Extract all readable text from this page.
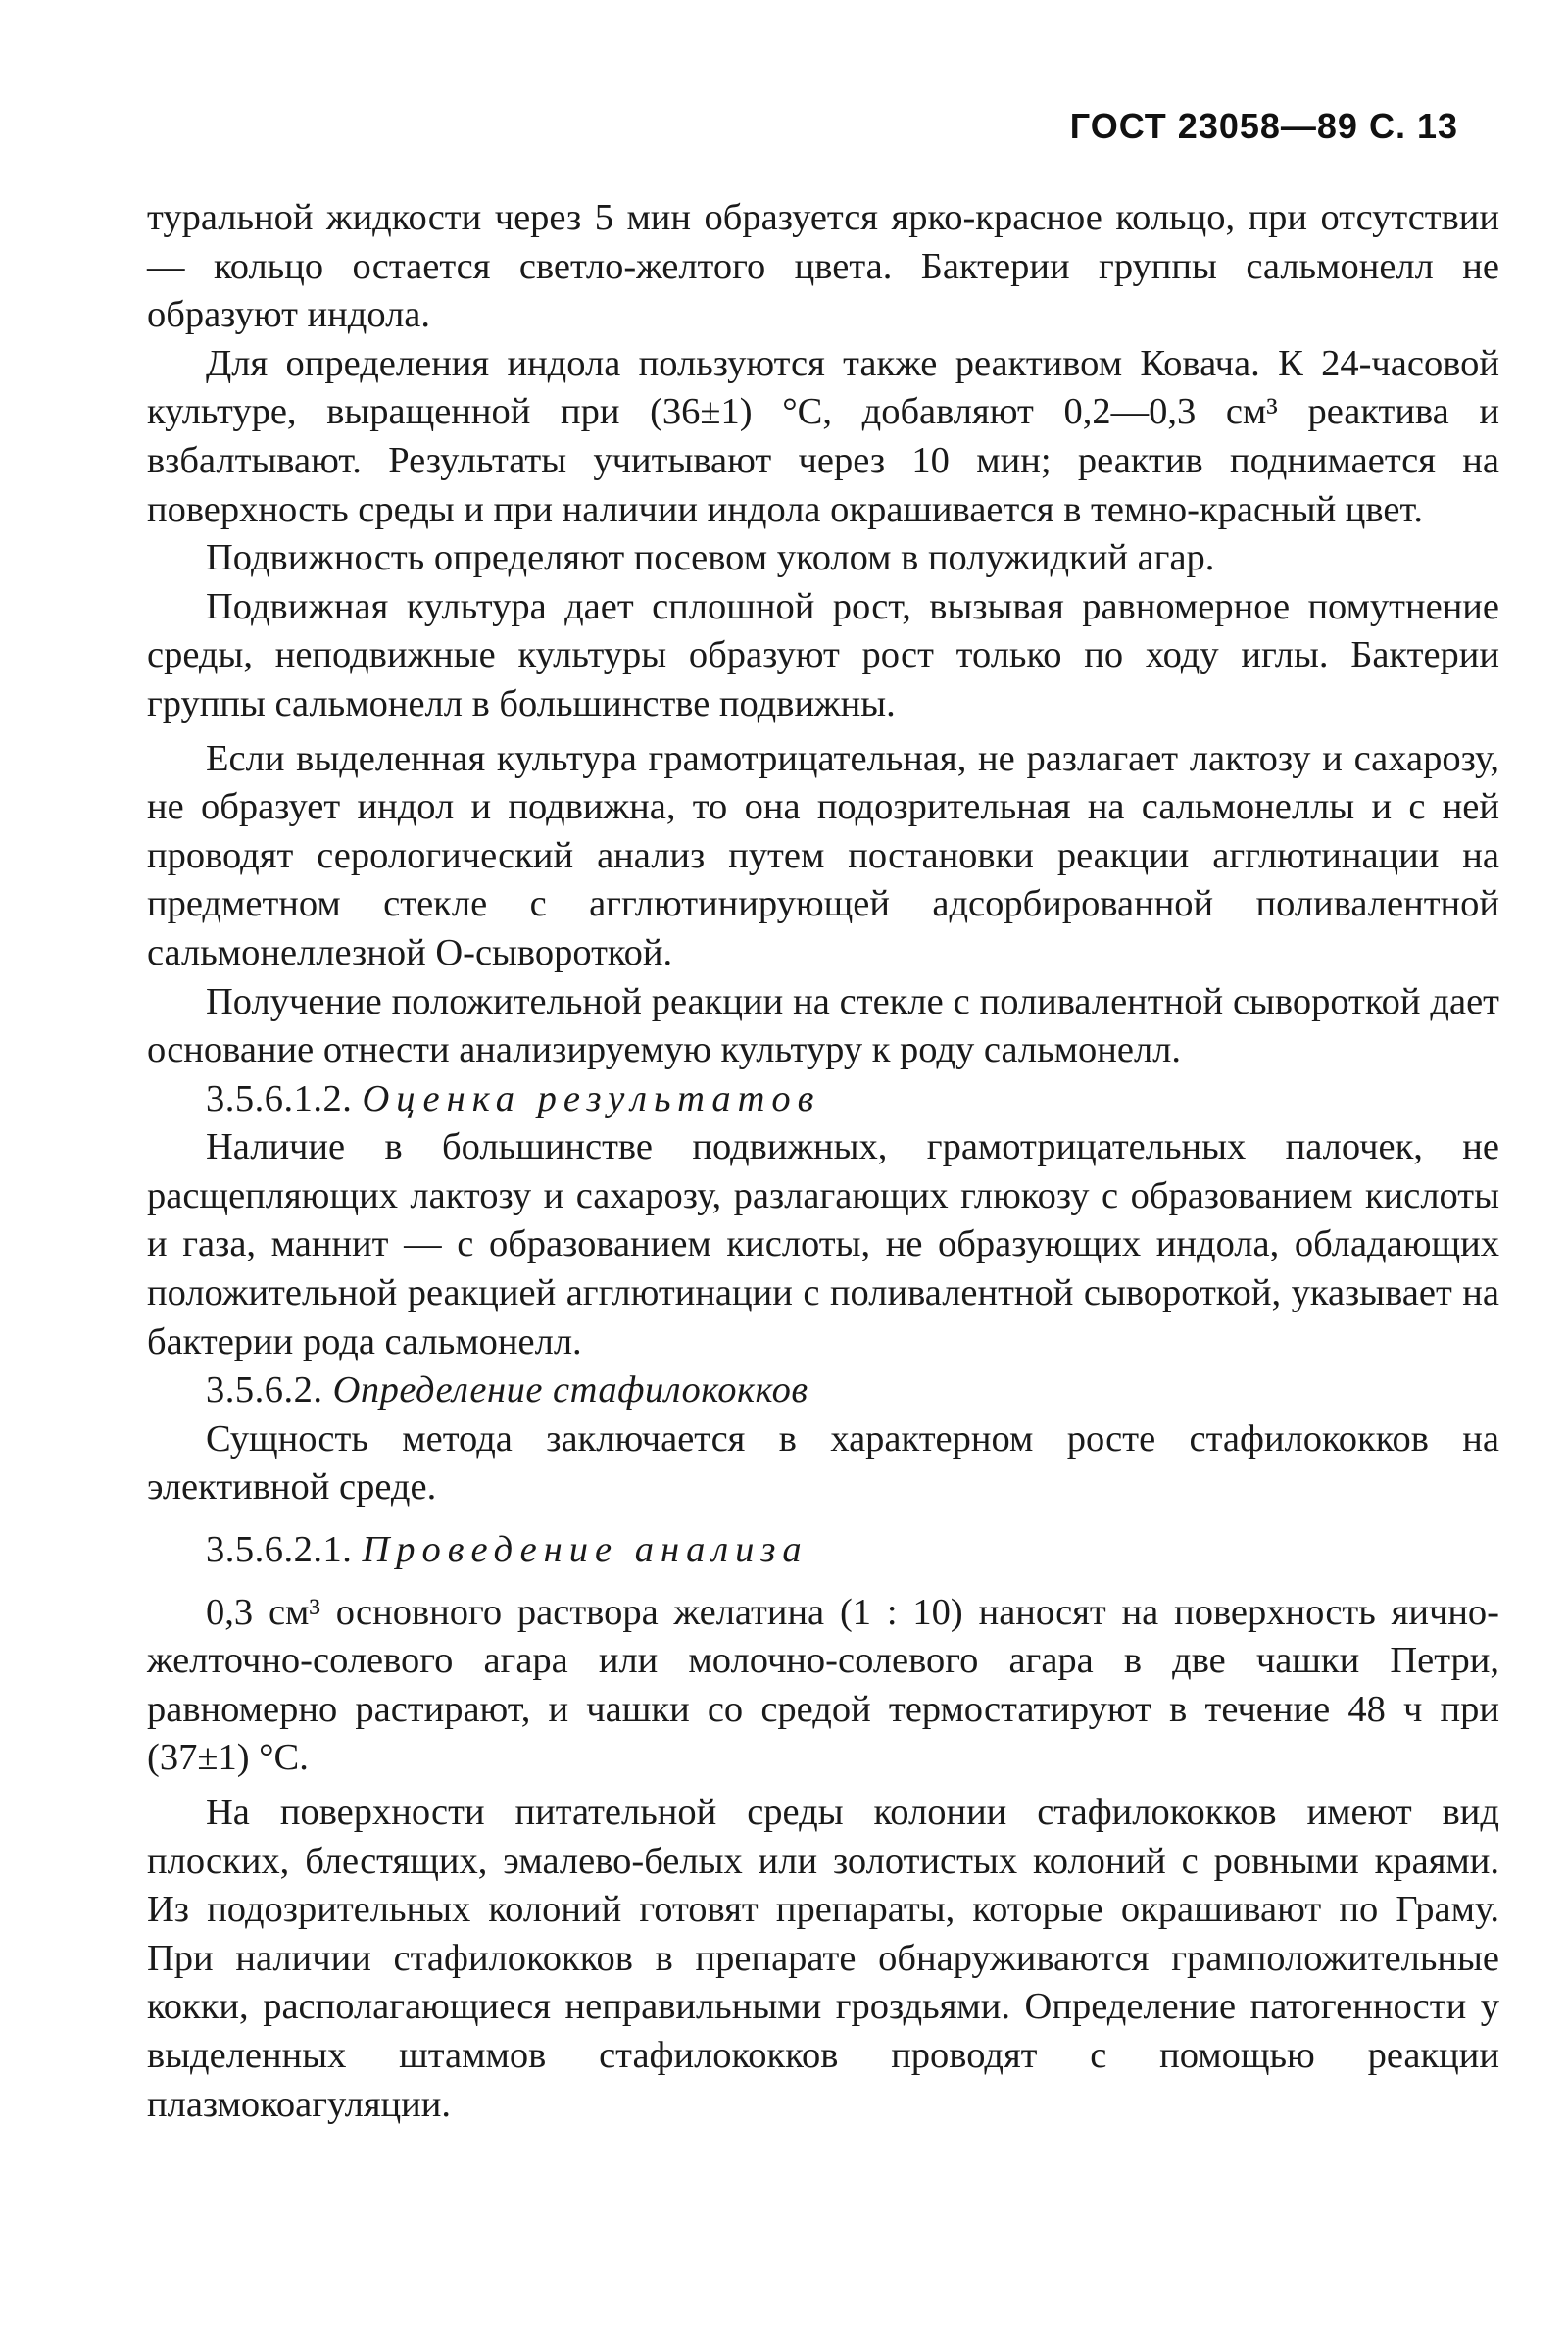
ГОСТ 23058—89 С. 13

туральной жидкости через 5 мин образуется ярко-красное кольцо, при отсутствии — кольцо остается светло-желтого цвета. Бактерии группы сальмонелл не образуют индола.

Для определения индола пользуются также реактивом Ковача. К 24-часовой культуре, выращенной при (36±1) °С, добавляют 0,2—0,3 см³ реактива и взбалтывают. Результаты учитывают через 10 мин; реактив поднимается на поверхность среды и при наличии индола окрашивается в темно-красный цвет.

Подвижность определяют посевом уколом в полужидкий агар.

Подвижная культура дает сплошной рост, вызывая равномерное помутнение среды, неподвижные культуры образуют рост только по ходу иглы. Бактерии группы сальмонелл в большинстве подвижны.

Если выделенная культура грамотрицательная, не разлагает лактозу и сахарозу, не образует индол и подвижна, то она подозрительная на сальмонеллы и с ней проводят серологический анализ путем постановки реакции агглютинации на предметном стекле с агглютинирующей адсорбированной поливалентной сальмонеллезной О-сывороткой.

Получение положительной реакции на стекле с поливалентной сывороткой дает основание отнести анализируемую культуру к роду сальмонелл.

3.5.6.1.2. Оценка результатов

Наличие в большинстве подвижных, грамотрицательных палочек, не расщепляющих лактозу и сахарозу, разлагающих глюкозу с образованием кислоты и газа, маннит — с образованием кислоты, не образующих индола, обладающих положительной реакцией агглютинации с поливалентной сывороткой, указывает на бактерии рода сальмонелл.

3.5.6.2. Определение стафилококков

Сущность метода заключается в характерном росте стафилококков на элективной среде.

3.5.6.2.1. Проведение анализа

0,3 см³ основного раствора желатина (1 : 10) наносят на поверхность яично-желточно-солевого агара или молочно-солевого агара в две чашки Петри, равномерно растирают, и чашки со средой термостатируют в течение 48 ч при (37±1) °С.

На поверхности питательной среды колонии стафилококков имеют вид плоских, блестящих, эмалево-белых или золотистых колоний с ровными краями. Из подозрительных колоний готовят препараты, которые окрашивают по Граму. При наличии стафилококков в препарате обнаруживаются грамположительные кокки, располагающиеся неправильными гроздьями. Определение патогенности у выделенных штаммов стафилококков проводят с помощью реакции плазмокоагуляции.
